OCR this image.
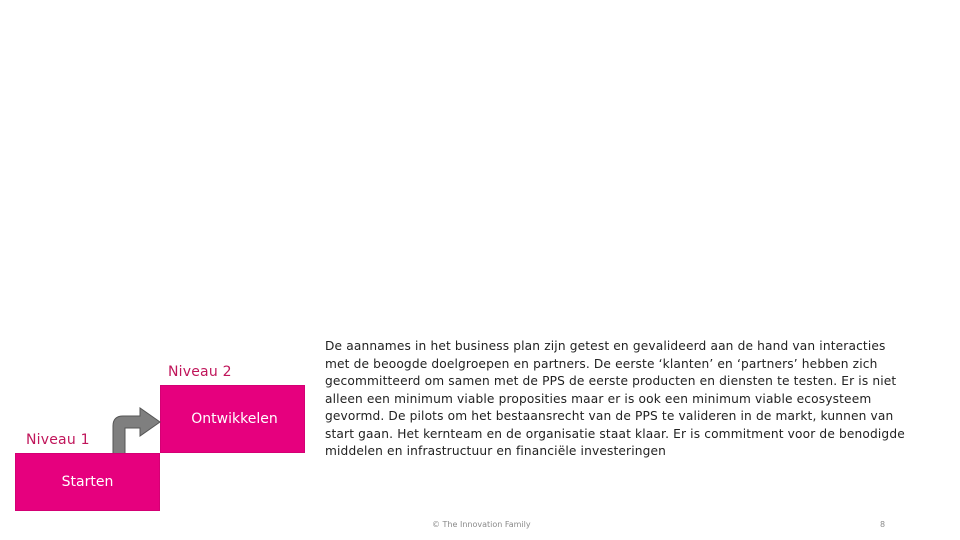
Niveau 2
Ontwikkelen
Niveau 1
Starten

De aannames in het business plan zijn getest en gevalideerd aan de hand van interacties met de beoogde doelgroepen en partners. De eerste ‘klanten’ en ‘partners’ hebben zich gecommitteerd om samen met de PPS de eerste producten en diensten te testen. Er is niet alleen een minimum viable proposities maar er is ook een minimum viable ecosysteem gevormd. De pilots om het bestaansrecht van de PPS te valideren in de markt, kunnen van start gaan. Het kernteam en de organisatie staat klaar. Er is commitment voor de benodigde middelen en infrastructuur en financiële investeringen

© The Innovation Family	8
